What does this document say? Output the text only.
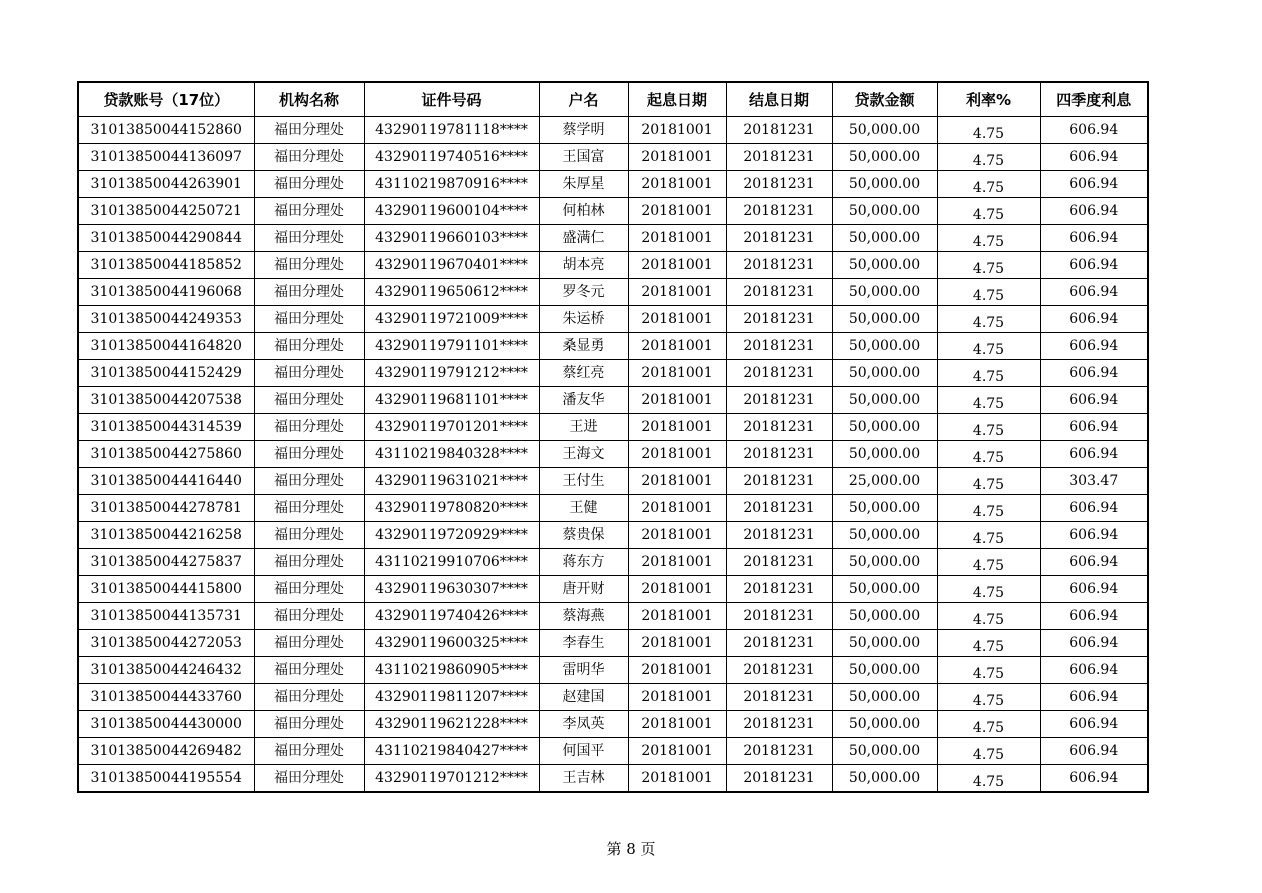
贷款账号（17位）	机构名称	证件号码	户名	起息日期	结息日期	贷款金额	利率%	四季度利息
31013850044152860	福田分理处	43290119781118****	蔡学明	20181001	20181231	50,000.00	4.75	606.94
31013850044136097	福田分理处	43290119740516****	王国富	20181001	20181231	50,000.00	4.75	606.94
31013850044263901	福田分理处	43110219870916****	朱厚星	20181001	20181231	50,000.00	4.75	606.94
31013850044250721	福田分理处	43290119600104****	何柏林	20181001	20181231	50,000.00	4.75	606.94
31013850044290844	福田分理处	43290119660103****	盛满仁	20181001	20181231	50,000.00	4.75	606.94
31013850044185852	福田分理处	43290119670401****	胡本亮	20181001	20181231	50,000.00	4.75	606.94
31013850044196068	福田分理处	43290119650612****	罗冬元	20181001	20181231	50,000.00	4.75	606.94
31013850044249353	福田分理处	43290119721009****	朱运桥	20181001	20181231	50,000.00	4.75	606.94
31013850044164820	福田分理处	43290119791101****	桑显勇	20181001	20181231	50,000.00	4.75	606.94
31013850044152429	福田分理处	43290119791212****	蔡红亮	20181001	20181231	50,000.00	4.75	606.94
31013850044207538	福田分理处	43290119681101****	潘友华	20181001	20181231	50,000.00	4.75	606.94
31013850044314539	福田分理处	43290119701201****	王进	20181001	20181231	50,000.00	4.75	606.94
31013850044275860	福田分理处	43110219840328****	王海文	20181001	20181231	50,000.00	4.75	606.94
31013850044416440	福田分理处	43290119631021****	王付生	20181001	20181231	25,000.00	4.75	303.47
31013850044278781	福田分理处	43290119780820****	王健	20181001	20181231	50,000.00	4.75	606.94
31013850044216258	福田分理处	43290119720929****	蔡贵保	20181001	20181231	50,000.00	4.75	606.94
31013850044275837	福田分理处	43110219910706****	蒋东方	20181001	20181231	50,000.00	4.75	606.94
31013850044415800	福田分理处	43290119630307****	唐开财	20181001	20181231	50,000.00	4.75	606.94
31013850044135731	福田分理处	43290119740426****	蔡海燕	20181001	20181231	50,000.00	4.75	606.94
31013850044272053	福田分理处	43290119600325****	李春生	20181001	20181231	50,000.00	4.75	606.94
31013850044246432	福田分理处	43110219860905****	雷明华	20181001	20181231	50,000.00	4.75	606.94
31013850044433760	福田分理处	43290119811207****	赵建国	20181001	20181231	50,000.00	4.75	606.94
31013850044430000	福田分理处	43290119621228****	李凤英	20181001	20181231	50,000.00	4.75	606.94
31013850044269482	福田分理处	43110219840427****	何国平	20181001	20181231	50,000.00	4.75	606.94
31013850044195554	福田分理处	43290119701212****	王吉林	20181001	20181231	50,000.00	4.75	606.94
第 8 页
